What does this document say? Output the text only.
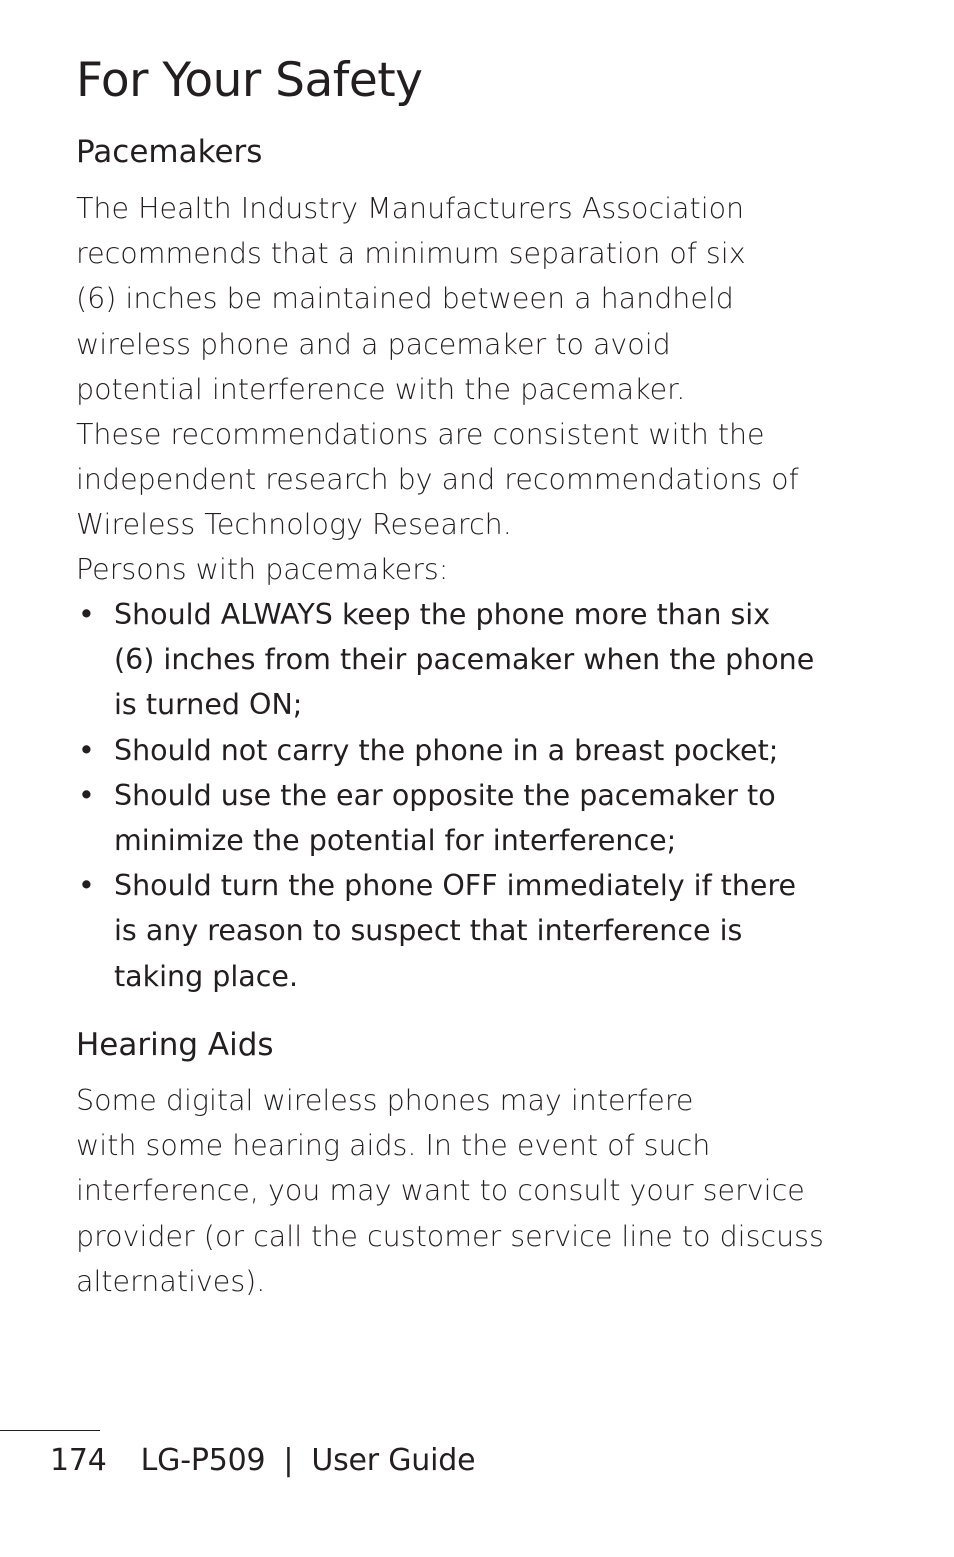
For Your Safety
Pacemakers

The Health Industry Manufacturers Association
recommends that a minimum separation of six
(6) inches be maintained between a handheld
wireless phone and a pacemaker to avoid
potential interference with the pacemaker.

These recommendations are consistent with the
independent research by and recommendations of
Wireless Technology Research.

Persons with pacemakers:

• Should ALWAYS keep the phone more than six
(6) inches from their pacemaker when the phone
is turned ON;
• Should not carry the phone in a breast pocket;
• Should use the ear opposite the pacemaker to
minimize the potential for interference;
• Should turn the phone OFF immediately if there
is any reason to suspect that interference is
taking place.
Hearing Aids

Some digital wireless phones may interfere
with some hearing aids. In the event of such
interference, you may want to consult your service
provider (or call the customer service line to discuss
alternatives).

174 LG-P509 | User Guide
